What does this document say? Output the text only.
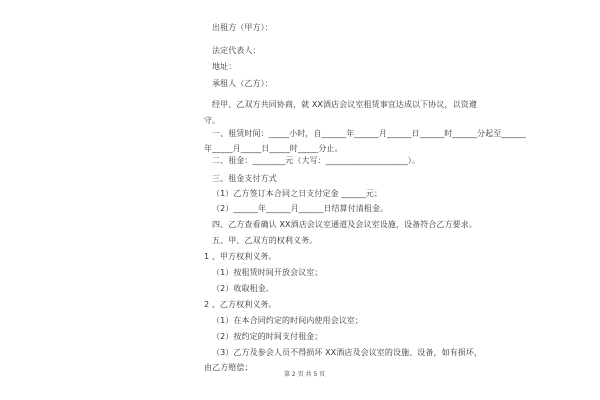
出租方（甲方）：
法定代表人：
地址：
承租人（乙方）：
经甲、乙双方共同协商，就 XX酒店会议室租赁事宜达成以下协议，以资遵
守。
一、租赁时间：_____小时，自______年______月______日______时______分起至______
年_____月_____日_____时_____分止。
二、租金：________元（大写：____________________）。
三、租金支付方式
（1）乙方签订本合同之日支付定金 ______元；
（2）______年______月______日结算付清租金。
四、乙方查看确认 XX酒店会议室通道及会议室设施，设备符合乙方要求。
五、甲、乙双方的权利义务。
1 、甲方权利义务。
（1）按租赁时间开放会议室；
（2）收取租金。
2 、乙方权利义务。
（1）在本合同约定的时间内使用会议室；
（2）按约定的时间支付租金；
（3）乙方及参会人员不得损坏 XX酒店及会议室的设施、设备，如有损坏，
由乙方赔偿；
第 2 页 共 5 页
